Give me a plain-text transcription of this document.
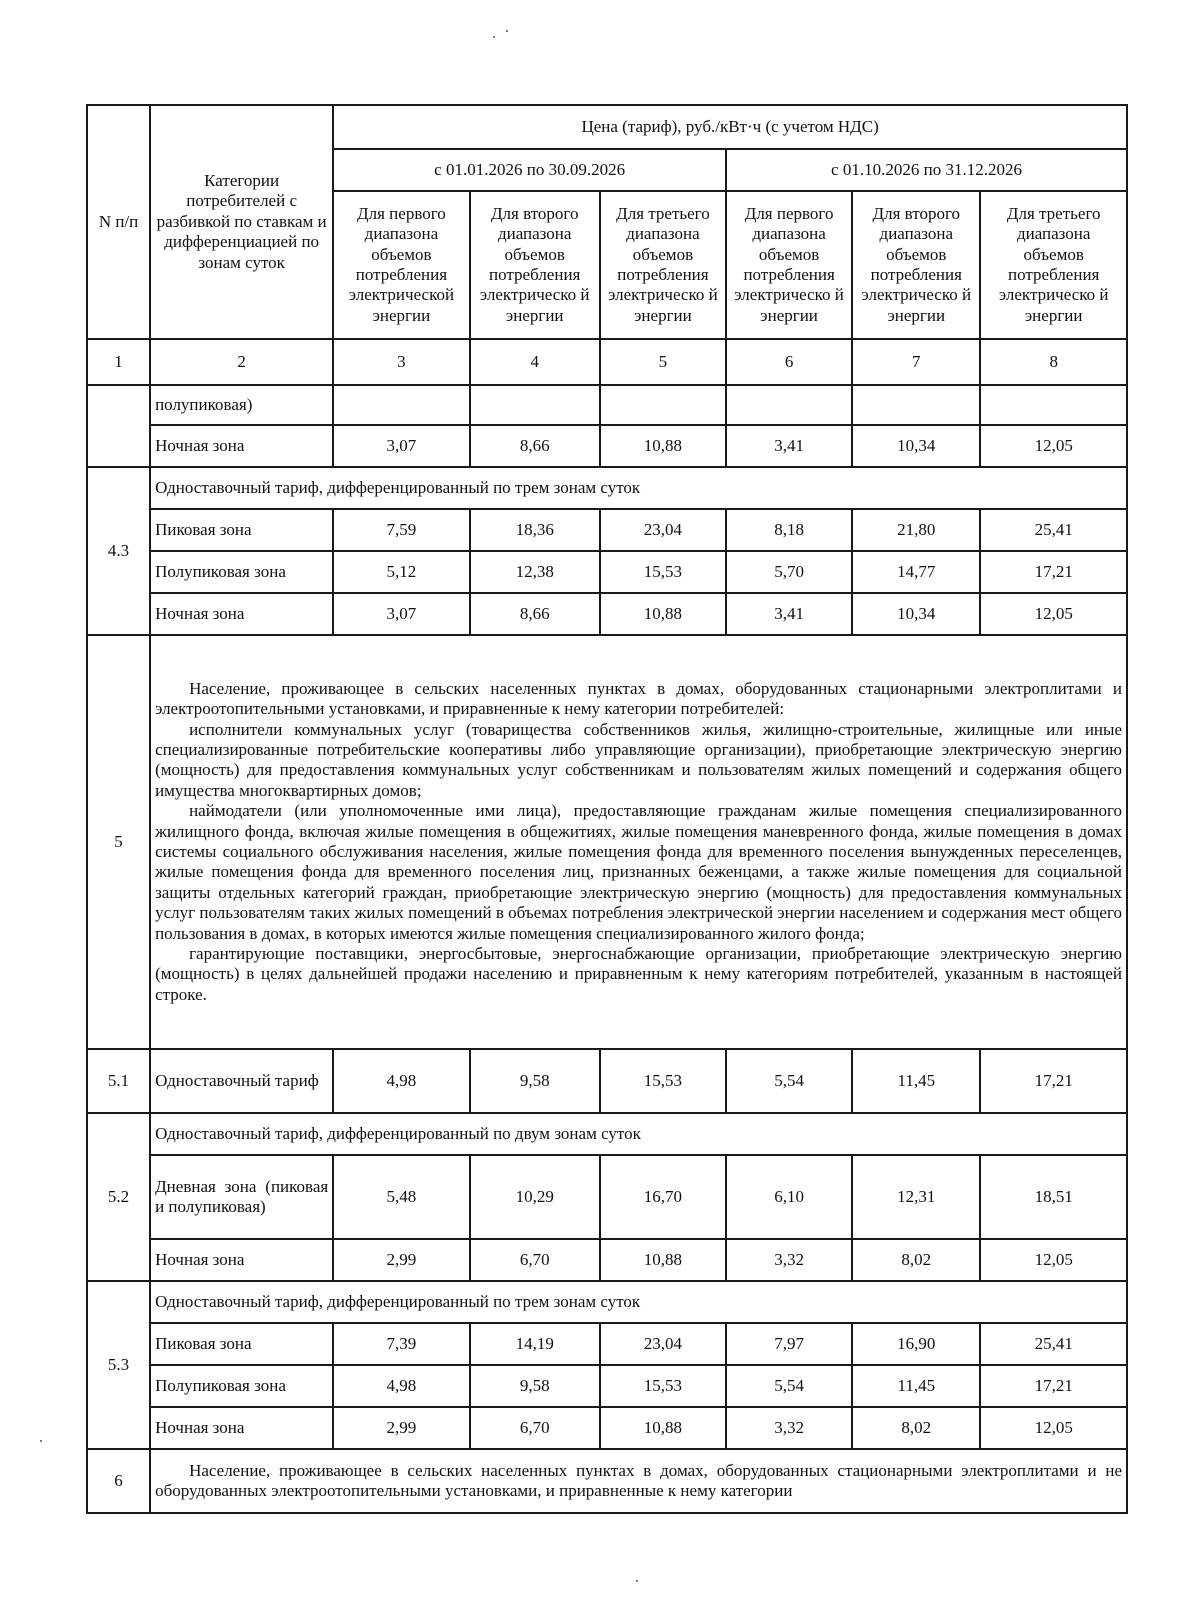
N п/п	Категории потребителей с разбивкой по ставкам и дифференциацией по зонам суток	Цена (тариф), руб./кВт·ч (с учетом НДС)					
		с 01.01.2026 по 30.09.2026			с 01.10.2026 по 31.12.2026		
		Для первого диапазона объемов потребления электрической энергии	Для второго диапазона объемов потребления электрическо й энергии	Для третьего диапазона объемов потребления электрическо й энергии	Для первого диапазона объемов потребления электрическо й энергии	Для второго диапазона объемов потребления электрическо й энергии	Для третьего диапазона объемов потребления электрическо й энергии
1	2	3	4	5	6	7	8
	полупиковая)						
	Ночная зона	3,07	8,66	10,88	3,41	10,34	12,05
4.3	Одноставочный тариф, дифференцированный по трем зонам суток						
	Пиковая зона	7,59	18,36	23,04	8,18	21,80	25,41
	Полупиковая зона	5,12	12,38	15,53	5,70	14,77	17,21
	Ночная зона	3,07	8,66	10,88	3,41	10,34	12,05
5	Население, проживающее в сельских населенных пунктах в домах, оборудованных стационарными электроплитами и электроотопительными установками, и приравненные к нему категории потребителей:

исполнители коммунальных услуг (товарищества собственников жилья, жилищно-строительные, жилищные или иные специализированные потребительские кооперативы либо управляющие организации), приобретающие электрическую энергию (мощность) для предоставления коммунальных услуг собственникам и пользователям жилых помещений и содержания общего имущества многоквартирных домов;

наймодатели (или уполномоченные ими лица), предоставляющие гражданам жилые помещения специализированного жилищного фонда, включая жилые помещения в общежитиях, жилые помещения маневренного фонда, жилые помещения в домах системы социального обслуживания населения, жилые помещения фонда для временного поселения вынужденных переселенцев, жилые помещения фонда для временного поселения лиц, признанных беженцами, а также жилые помещения для социальной защиты отдельных категорий граждан, приобретающие электрическую энергию (мощность) для предоставления коммунальных услуг пользователям таких жилых помещений в объемах потребления электрической энергии населением и содержания мест общего пользования в домах, в которых имеются жилые помещения специализированного жилого фонда;

гарантирующие поставщики, энергосбытовые, энергоснабжающие организации, приобретающие электрическую энергию (мощность) в целях дальнейшей продажи населению и приравненным к нему категориям потребителей, указанным в настоящей строке.						

5.1	Одноставочный тариф	4,98	9,58	15,53	5,54	11,45	17,21
5.2	Одноставочный тариф, дифференцированный по двум зонам суток						
	Дневная зона (пиковая и полупиковая)	5,48	10,29	16,70	6,10	12,31	18,51
	Ночная зона	2,99	6,70	10,88	3,32	8,02	12,05
5.3	Одноставочный тариф, дифференцированный по трем зонам суток						
	Пиковая зона	7,39	14,19	23,04	7,97	16,90	25,41
	Полупиковая зона	4,98	9,58	15,53	5,54	11,45	17,21
	Ночная зона	2,99	6,70	10,88	3,32	8,02	12,05
6	Население, проживающее в сельских населенных пунктах в домах, оборудованных стационарными электроплитами и не оборудованных электроотопительными установками, и приравненные к нему категории						
